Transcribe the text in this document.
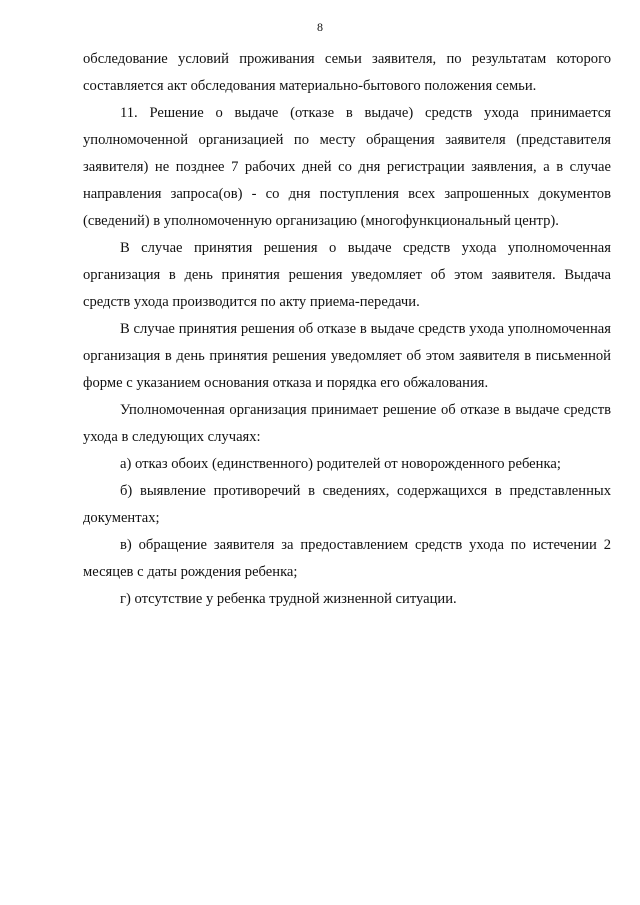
8

обследование условий проживания семьи заявителя, по результатам которого составляется акт обследования материально-бытового положения семьи.

11. Решение о выдаче (отказе в выдаче) средств ухода принимается уполномоченной организацией по месту обращения заявителя (представителя заявителя) не позднее 7 рабочих дней со дня регистрации заявления, а в случае направления запроса(ов) - со дня поступления всех запрошенных документов (сведений) в уполномоченную организацию (многофункциональный центр).

В случае принятия решения о выдаче средств ухода уполномоченная организация в день принятия решения уведомляет об этом заявителя. Выдача средств ухода производится по акту приема-передачи.

В случае принятия решения об отказе в выдаче средств ухода уполномоченная организация в день принятия решения уведомляет об этом заявителя в письменной форме с указанием основания отказа и порядка его обжалования.

Уполномоченная организация принимает решение об отказе в выдаче средств ухода в следующих случаях:

а) отказ обоих (единственного) родителей от новорожденного ребенка;

б) выявление противоречий в сведениях, содержащихся в представленных документах;

в) обращение заявителя за предоставлением средств ухода по истечении 2 месяцев с даты рождения ребенка;

г) отсутствие у ребенка трудной жизненной ситуации.
